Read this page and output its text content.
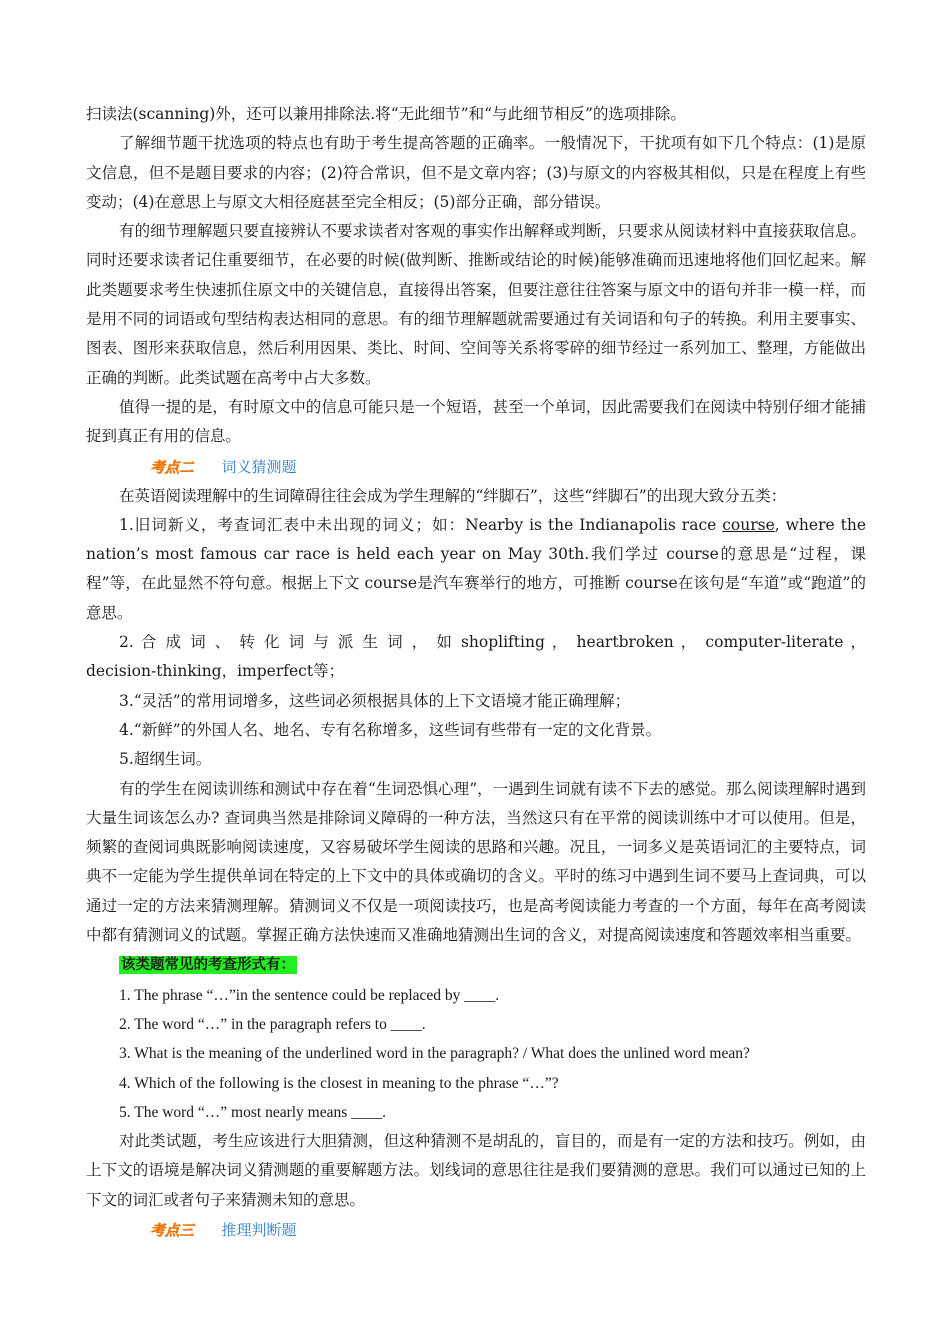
扫读法(scanning)外，还可以兼用排除法.将“无此细节”和“与此细节相反”的选项排除。

了解细节题干扰选项的特点也有助于考生提高答题的正确率。一般情况下，干扰项有如下几个特点：(1)是原文信息，但不是题目要求的内容；(2)符合常识，但不是文章内容；(3)与原文的内容极其相似，只是在程度上有些变动；(4)在意思上与原文大相径庭甚至完全相反；(5)部分正确，部分错误。

有的细节理解题只要直接辨认不要求读者对客观的事实作出解释或判断，只要求从阅读材料中直接获取信息。同时还要求读者记住重要细节，在必要的时候(做判断、推断或结论的时候)能够准确而迅速地将他们回忆起来。解此类题要求考生快速抓住原文中的关键信息，直接得出答案，但要注意往往答案与原文中的语句并非一模一样，而是用不同的词语或句型结构表达相同的意思。有的细节理解题就需要通过有关词语和句子的转换。利用主要事实、图表、图形来获取信息，然后利用因果、类比、时间、空间等关系将零碎的细节经过一系列加工、整理，方能做出正确的判断。此类试题在高考中占大多数。

值得一提的是，有时原文中的信息可能只是一个短语，甚至一个单词，因此需要我们在阅读中特别仔细才能捕捉到真正有用的信息。

考点二 词义猜测题

在英语阅读理解中的生词障碍往往会成为学生理解的“绊脚石”，这些“绊脚石”的出现大致分五类：

1.旧词新义，考查词汇表中未出现的词义；如：Nearby is the Indianapolis race course, where the nation’s most famous car race is held each year on May 30th.我们学过 course的意思是“过程，课程”等，在此显然不符句意。根据上下文 course是汽车赛举行的地方，可推断 course在该句是“车道”或“跑道”的意思。

2. 合 成 词 、 转 化 词 与 派 生 词 ， 如 shoplifting ， heartbroken ， computer-literate ， decision-thinking，imperfect等；

3.“灵活”的常用词增多，这些词必须根据具体的上下文语境才能正确理解；

4.“新鲜”的外国人名、地名、专有名称增多，这些词有些带有一定的文化背景。

5.超纲生词。

有的学生在阅读训练和测试中存在着“生词恐惧心理”，一遇到生词就有读不下去的感觉。那么阅读理解时遇到大量生词该怎么办? 查词典当然是排除词义障碍的一种方法，当然这只有在平常的阅读训练中才可以使用。但是，频繁的查阅词典既影响阅读速度，又容易破坏学生阅读的思路和兴趣。况且，一词多义是英语词汇的主要特点，词典不一定能为学生提供单词在特定的上下文中的具体或确切的含义。平时的练习中遇到生词不要马上查词典，可以通过一定的方法来猜测理解。猜测词义不仅是一项阅读技巧，也是高考阅读能力考查的一个方面，每年在高考阅读中都有猜测词义的试题。掌握正确方法快速而又准确地猜测出生词的含义，对提高阅读速度和答题效率相当重要。

该类题常见的考查形式有：

1. The phrase “…”in the sentence could be replaced by ____.

2. The word “…” in the paragraph refers to ____.

3. What is the meaning of the underlined word in the paragraph? / What does the unlined word mean?

4. Which of the following is the closest in meaning to the phrase “…”?

5. The word “…” most nearly means ____.

对此类试题，考生应该进行大胆猜测，但这种猜测不是胡乱的，盲目的，而是有一定的方法和技巧。例如，由上下文的语境是解决词义猜测题的重要解题方法。划线词的意思往往是我们要猜测的意思。我们可以通过已知的上下文的词汇或者句子来猜测未知的意思。

考点三 推理判断题
